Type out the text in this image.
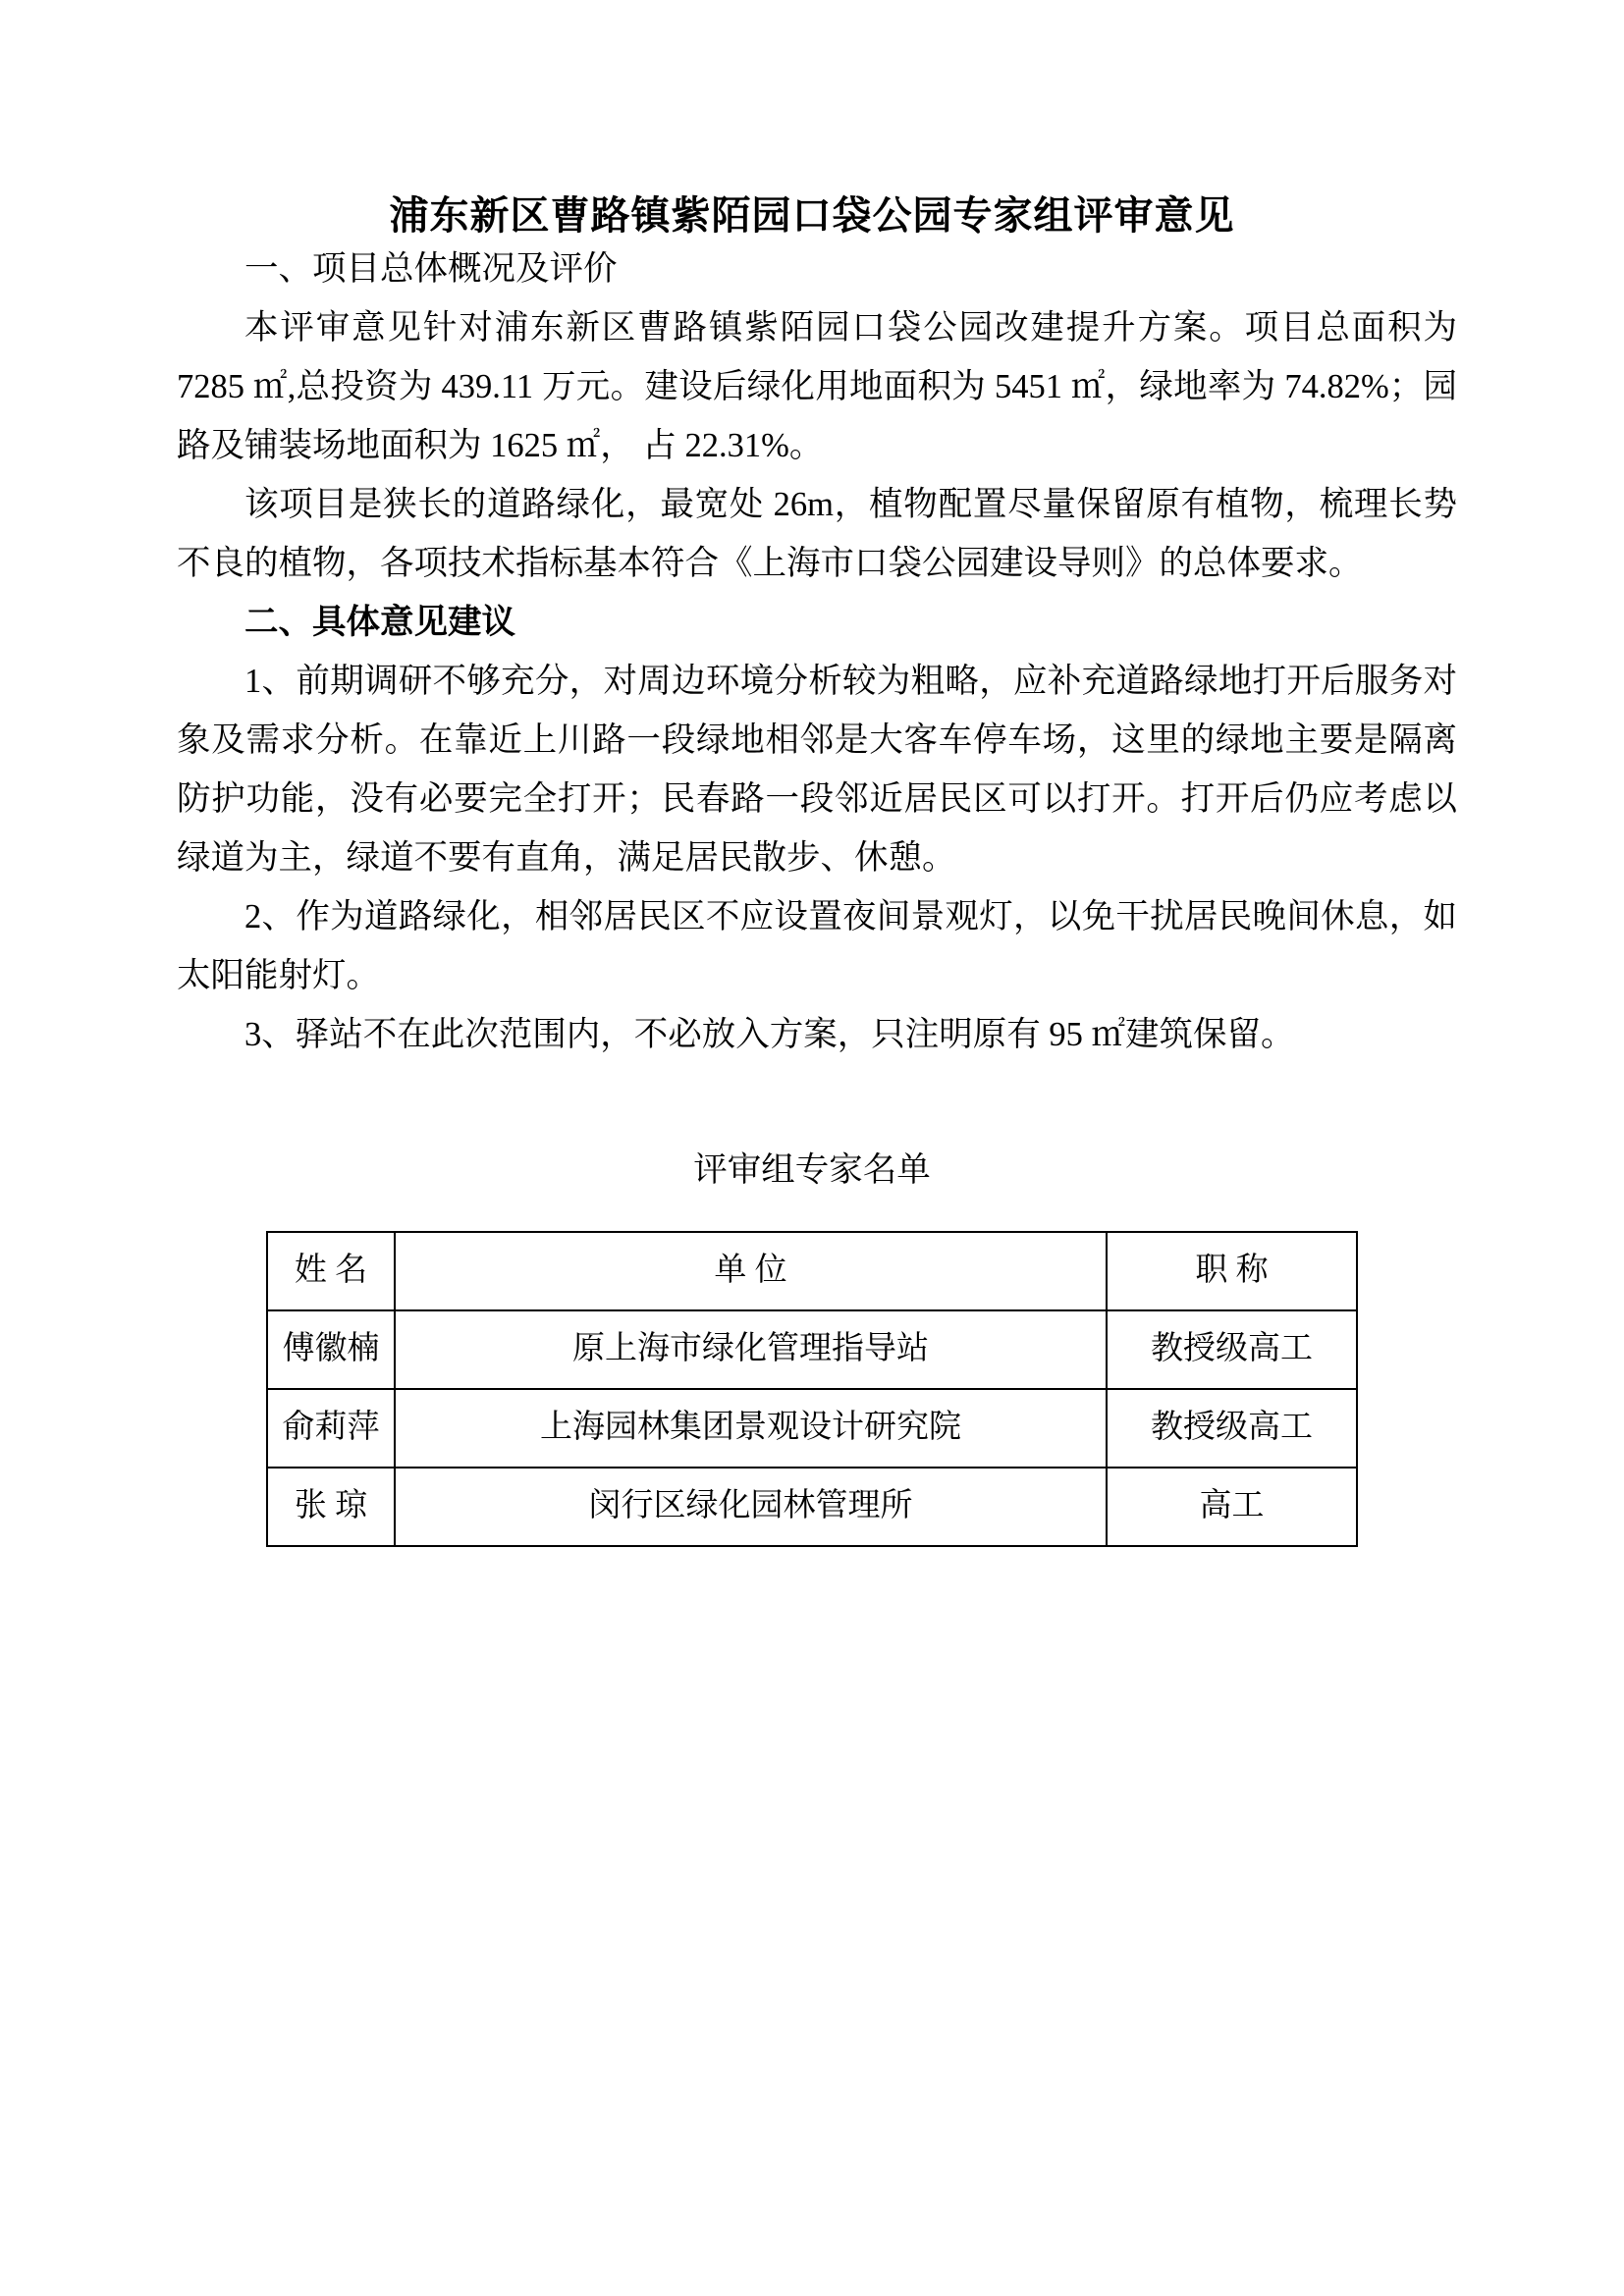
浦东新区曹路镇紫陌园口袋公园专家组评审意见

一、项目总体概况及评价

本评审意见针对浦东新区曹路镇紫陌园口袋公园改建提升方案。项目总面积为 7285 ㎡,总投资为 439.11 万元。建设后绿化用地面积为 5451 ㎡，绿地率为 74.82%；园路及铺装场地面积为 1625 ㎡， 占 22.31%。

该项目是狭长的道路绿化，最宽处 26m，植物配置尽量保留原有植物，梳理长势不良的植物，各项技术指标基本符合《上海市口袋公园建设导则》的总体要求。

二、具体意见建议

1、前期调研不够充分，对周边环境分析较为粗略，应补充道路绿地打开后服务对象及需求分析。在靠近上川路一段绿地相邻是大客车停车场，这里的绿地主要是隔离防护功能，没有必要完全打开；民春路一段邻近居民区可以打开。打开后仍应考虑以绿道为主，绿道不要有直角，满足居民散步、休憩。

2、作为道路绿化，相邻居民区不应设置夜间景观灯，以免干扰居民晚间休息，如太阳能射灯。

3、驿站不在此次范围内，不必放入方案，只注明原有 95 ㎡建筑保留。

评审组专家名单

姓 名	单 位	职 称
傅徽楠	原上海市绿化管理指导站	教授级高工
俞莉萍	上海园林集团景观设计研究院	教授级高工
张 琼	闵行区绿化园林管理所	高工
